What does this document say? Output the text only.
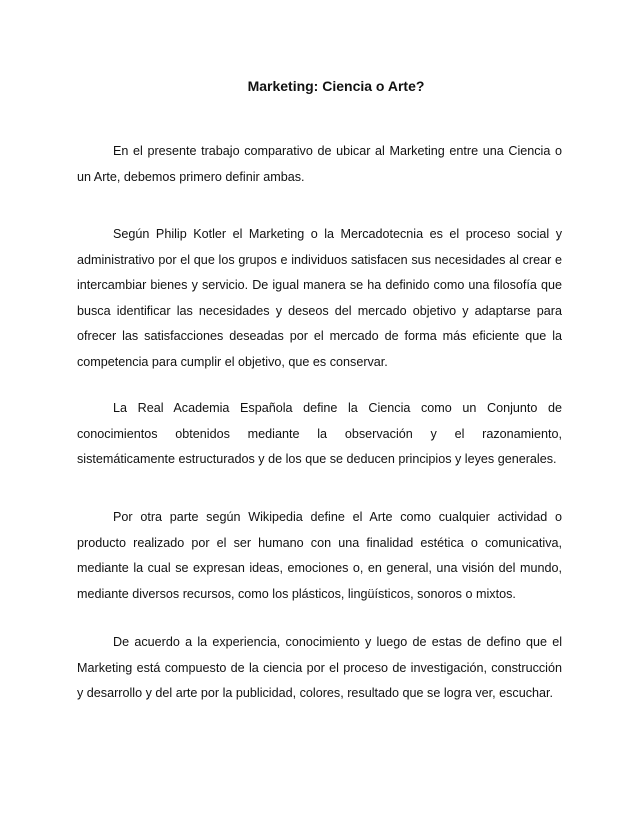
Marketing: Ciencia o Arte?

En el presente trabajo comparativo de ubicar al Marketing entre una Ciencia o un Arte, debemos primero definir ambas.

Según Philip Kotler el Marketing o la Mercadotecnia es el proceso social y administrativo por el que los grupos e individuos satisfacen sus necesidades al crear e intercambiar bienes y servicio. De igual manera se ha definido como una filosofía que busca identificar las necesidades y deseos del mercado objetivo y adaptarse para ofrecer las satisfacciones deseadas por el mercado de forma más eficiente que la competencia para cumplir el objetivo, que es conservar.

La Real Academia Española define la Ciencia como un Conjunto de conocimientos obtenidos mediante la observación y el razonamiento, sistemáticamente estructurados y de los que se deducen principios y leyes generales.

Por otra parte según Wikipedia define el Arte como cualquier actividad o producto realizado por el ser humano con una finalidad estética o comunicativa, mediante la cual se expresan ideas, emociones o, en general, una visión del mundo, mediante diversos recursos, como los plásticos, lingüísticos, sonoros o mixtos.

De acuerdo a la experiencia, conocimiento y luego de estas de defino que el Marketing está compuesto de la ciencia por el proceso de investigación, construcción y desarrollo y del arte por la publicidad, colores, resultado que se logra ver, escuchar.
